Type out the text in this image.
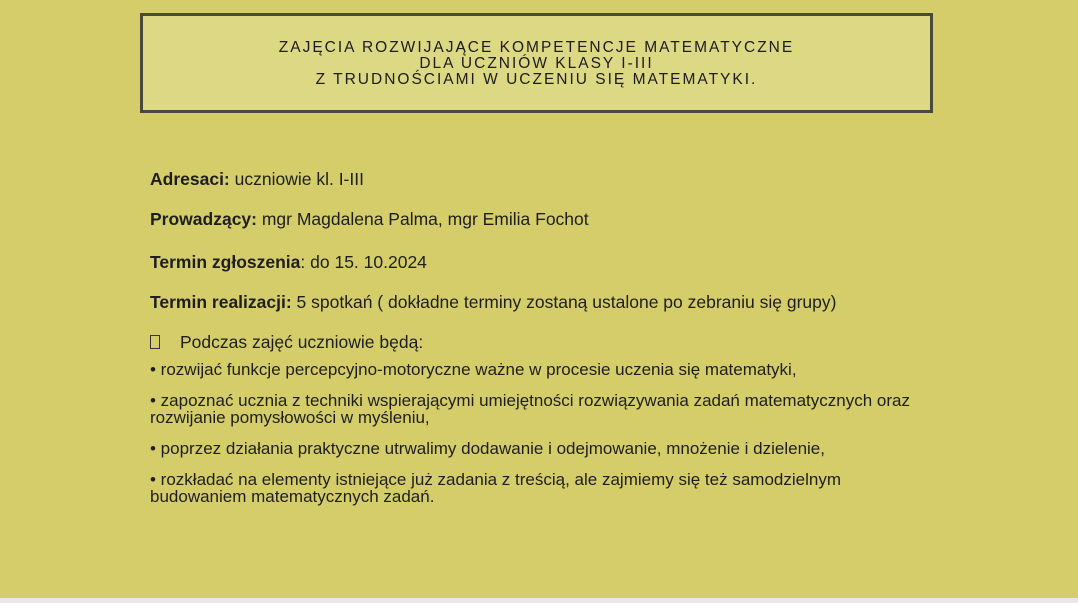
ZAJĘCIA ROZWIJAJĄCE KOMPETENCJE MATEMATYCZNE
DLA UCZNIÓW KLASY I-III
Z TRUDNOŚCIAMI W UCZENIU SIĘ MATEMATYKI.
Adresaci: uczniowie kl. I-III
Prowadzący: mgr Magdalena Palma, mgr Emilia Fochot
Termin zgłoszenia: do 15. 10.2024
Termin realizacji: 5 spotkań ( dokładne terminy zostaną ustalone po zebraniu się grupy)
Podczas zajęć uczniowie będą:
• rozwijać funkcje percepcyjno-motoryczne ważne w procesie uczenia się matematyki,
• zapoznać ucznia z techniki wspierającymi umiejętności rozwiązywania zadań matematycznych oraz rozwijanie pomysłowości w myśleniu,
• poprzez działania praktyczne utrwalimy dodawanie i odejmowanie, mnożenie i dzielenie,
• rozkładać na elementy istniejące już zadania z treścią, ale zajmiemy się też samodzielnym budowaniem matematycznych zadań.
